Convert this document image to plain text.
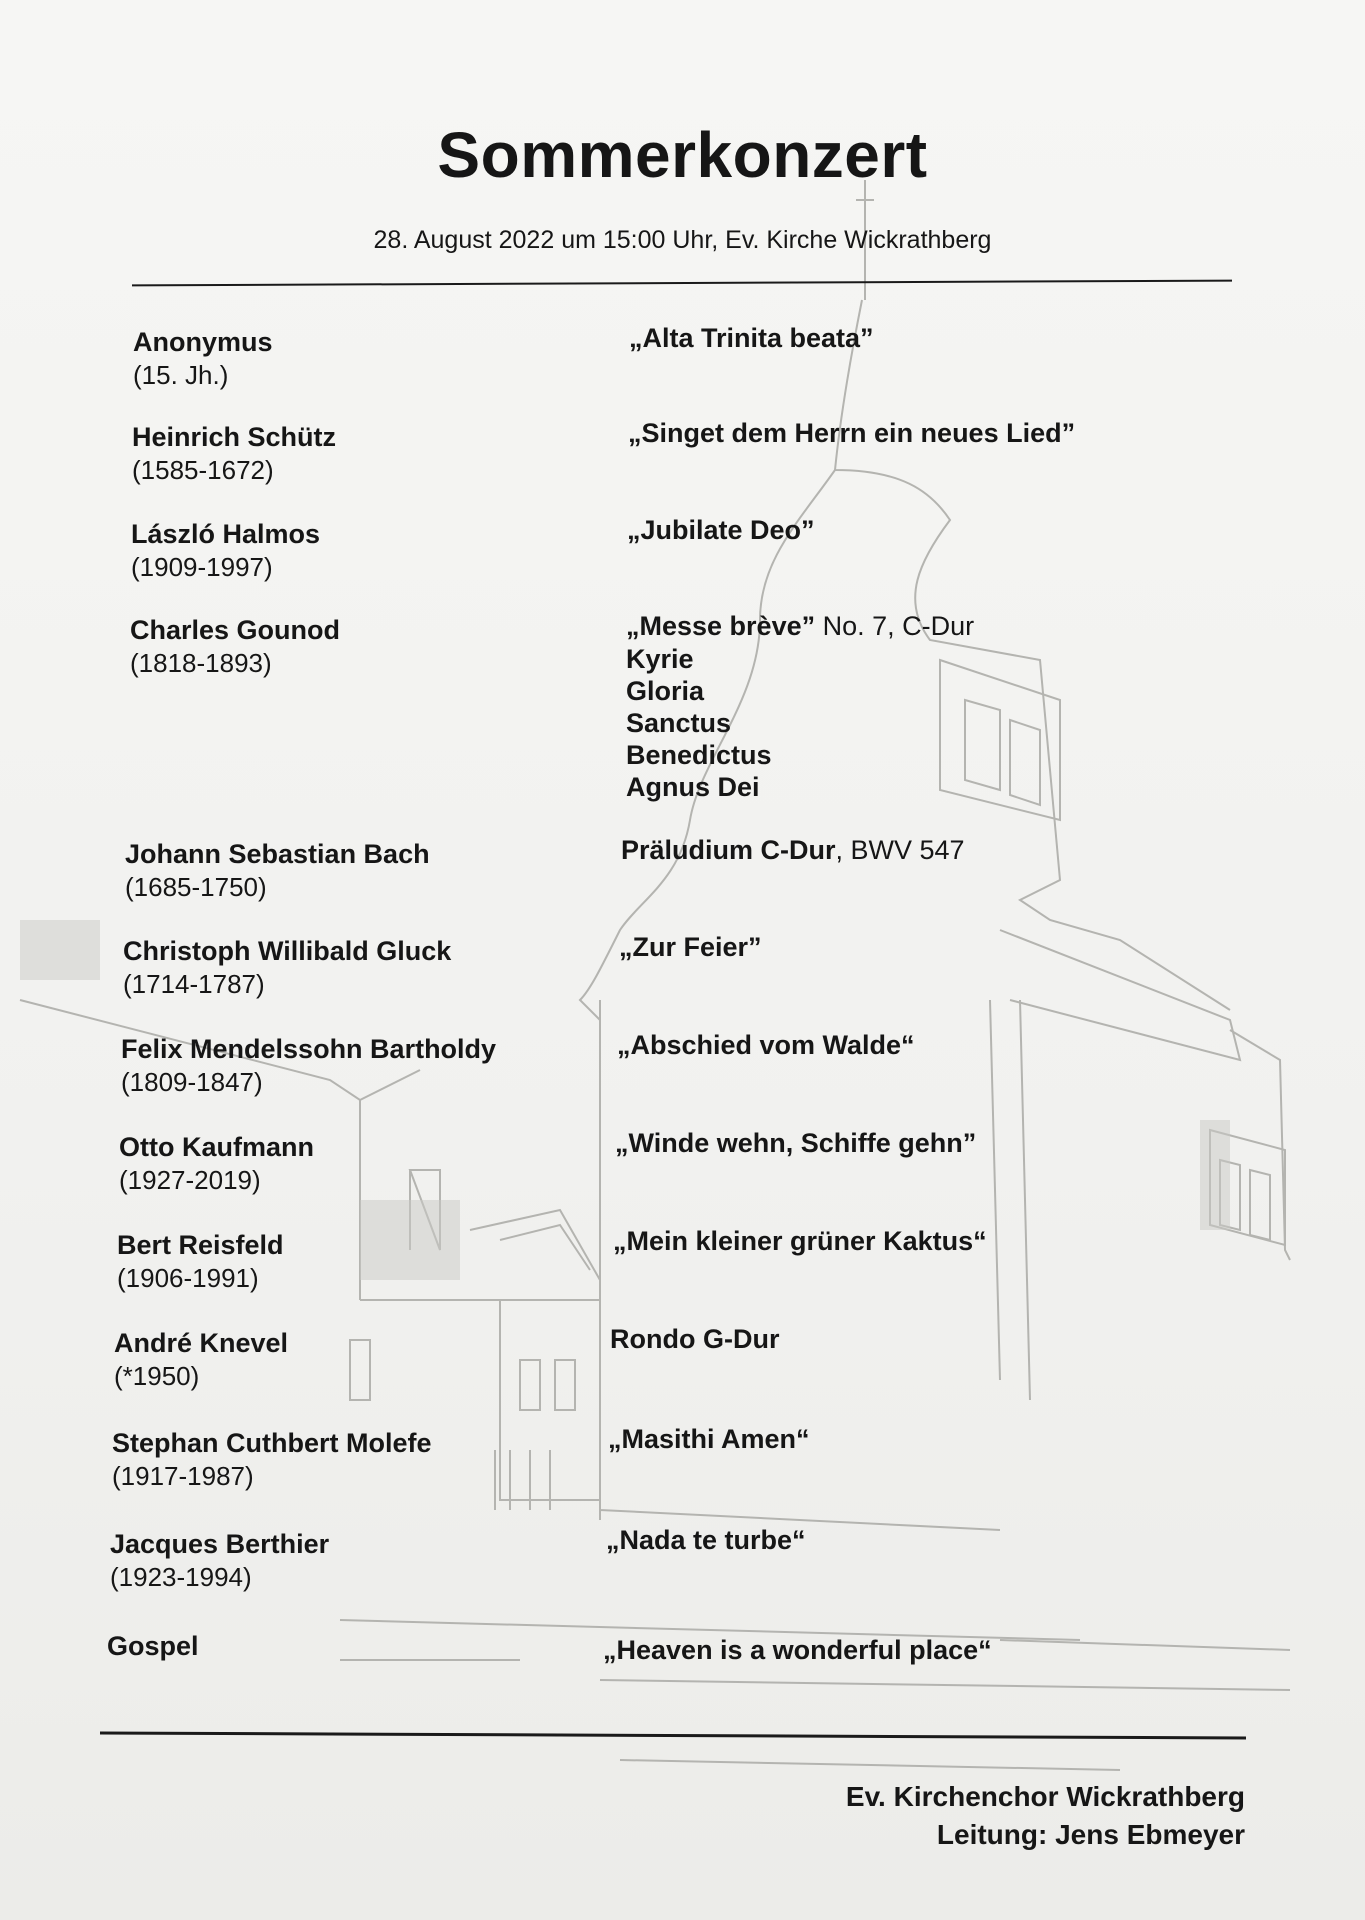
Sommerkonzert
28. August 2022 um 15:00 Uhr, Ev. Kirche Wickrathberg
Anonymus
(15. Jh.)
„Alta Trinita beata”
Heinrich Schütz
(1585-1672)
„Singet dem Herrn ein neues Lied”
László Halmos
(1909-1997)
„Jubilate Deo”
Charles Gounod
(1818-1893)
„Messe brève” No. 7, C-Dur
Kyrie
Gloria
Sanctus
Benedictus
Agnus Dei
Johann Sebastian Bach
(1685-1750)
Präludium C-Dur, BWV 547
Christoph Willibald Gluck
(1714-1787)
„Zur Feier”
Felix Mendelssohn Bartholdy
(1809-1847)
„Abschied vom Walde“
Otto Kaufmann
(1927-2019)
„Winde wehn, Schiffe gehn”
Bert Reisfeld
(1906-1991)
„Mein kleiner grüner Kaktus“
André Knevel
(*1950)
Rondo G-Dur
Stephan Cuthbert Molefe
(1917-1987)
„Masithi Amen“
Jacques Berthier
(1923-1994)
„Nada te turbe“
Gospel	„Heaven is a wonderful place“
Ev. Kirchenchor Wickrathberg
Leitung: Jens Ebmeyer
